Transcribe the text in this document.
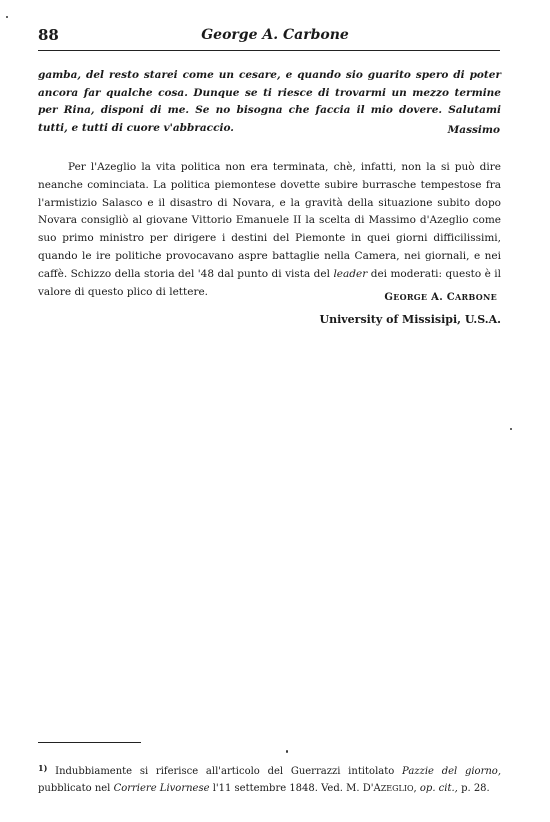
88	George A. Carbone

gamba, del resto starei come un cesare, e quando sio guarito spero di poter ancora far qualche cosa. Dunque se ti riesce di trovarmi un mezzo termine per Rina, disponi di me. Se no bisogna che faccia il mio dovere. Salutami tutti, e tutti di cuore v'abbraccio.	Massimo

Per l'Azeglio la vita politica non era terminata, chè, infatti, non la si può dire neanche cominciata. La politica piemontese dovette subire burrasche tempestose fra l'armistizio Salasco e il disastro di Novara, e la gravità della situazione subito dopo Novara consigliò al giovane Vittorio Emanuele II la scelta di Massimo d'Azeglio come suo primo ministro per dirigere i destini del Piemonte in quei giorni difficilissimi, quando le ire politiche provocavano aspre battaglie nella Camera, nei giornali, e nei caffè. Schizzo della storia del '48 dal punto di vista del leader dei moderati: questo è il valore di questo plico di lettere.	GEORGE A. CARBONE
University of Missisipi, U.S.A.

$^{1)}$ Indubbiamente si riferisce all'articolo del Guerrazzi intitolato Pazzie del giorno, pubblicato nel Corriere Livornese l'11 settembre 1848. Ved. M. D'AZEGLIO, op. cit., p. 28.
